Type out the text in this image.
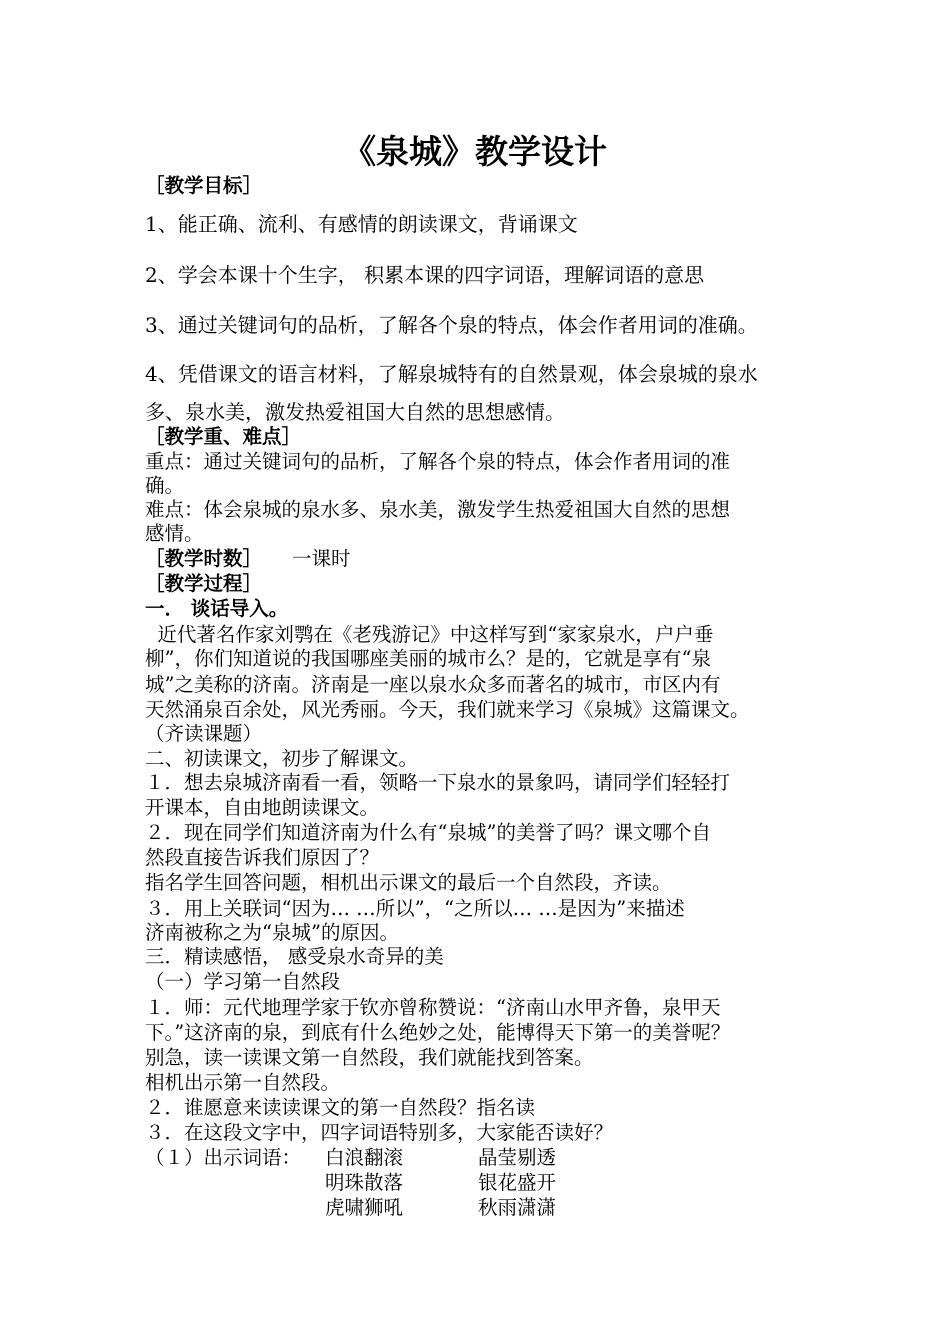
《泉城》教学设计
［教学目标］
1、能正确、流利、有感情的朗读课文，背诵课文
2、学会本课十个生字， 积累本课的四字词语，理解词语的意思
3、通过关键词句的品析，了解各个泉的特点，体会作者用词的准确。
4、凭借课文的语言材料，了解泉城特有的自然景观，体会泉城的泉水
多、泉水美，激发热爱祖国大自然的思想感情。
［教学重、难点］
重点：通过关键词句的品析，了解各个泉的特点，体会作者用词的准
确。
难点：体会泉城的泉水多、泉水美，激发学生热爱祖国大自然的思想
感情。
［教学时数］ 一课时
［教学过程］
一． 谈话导入。
近代著名作家刘鹗在《老残游记》中这样写到“家家泉水，户户垂
柳”，你们知道说的我国哪座美丽的城市么？是的，它就是享有“泉
城”之美称的济南。济南是一座以泉水众多而著名的城市，市区内有
天然涌泉百余处，风光秀丽。今天，我们就来学习《泉城》这篇课文。
（齐读课题）
二、初读课文，初步了解课文。
１．想去泉城济南看一看，领略一下泉水的景象吗，请同学们轻轻打
开课本，自由地朗读课文。
２．现在同学们知道济南为什么有“泉城”的美誉了吗？课文哪个自
然段直接告诉我们原因了？
指名学生回答问题，相机出示课文的最后一个自然段，齐读。
３．用上关联词“因为… …所以”，“之所以… …是因为”来描述
济南被称之为“泉城”的原因。
三．精读感悟， 感受泉水奇异的美
（一）学习第一自然段
１．师：元代地理学家于钦亦曾称赞说：“济南山水甲齐鲁，泉甲天
下。”这济南的泉，到底有什么绝妙之处，能博得天下第一的美誉呢？
别急，读一读课文第一自然段，我们就能找到答案。
相机出示第一自然段。
２．谁愿意来读读课文的第一自然段？指名读
３．在这段文字中，四字词语特别多，大家能否读好？
（１）出示词语：	白浪翻滚	晶莹剔透
明珠散落	银花盛开
虎啸狮吼	秋雨潇潇
